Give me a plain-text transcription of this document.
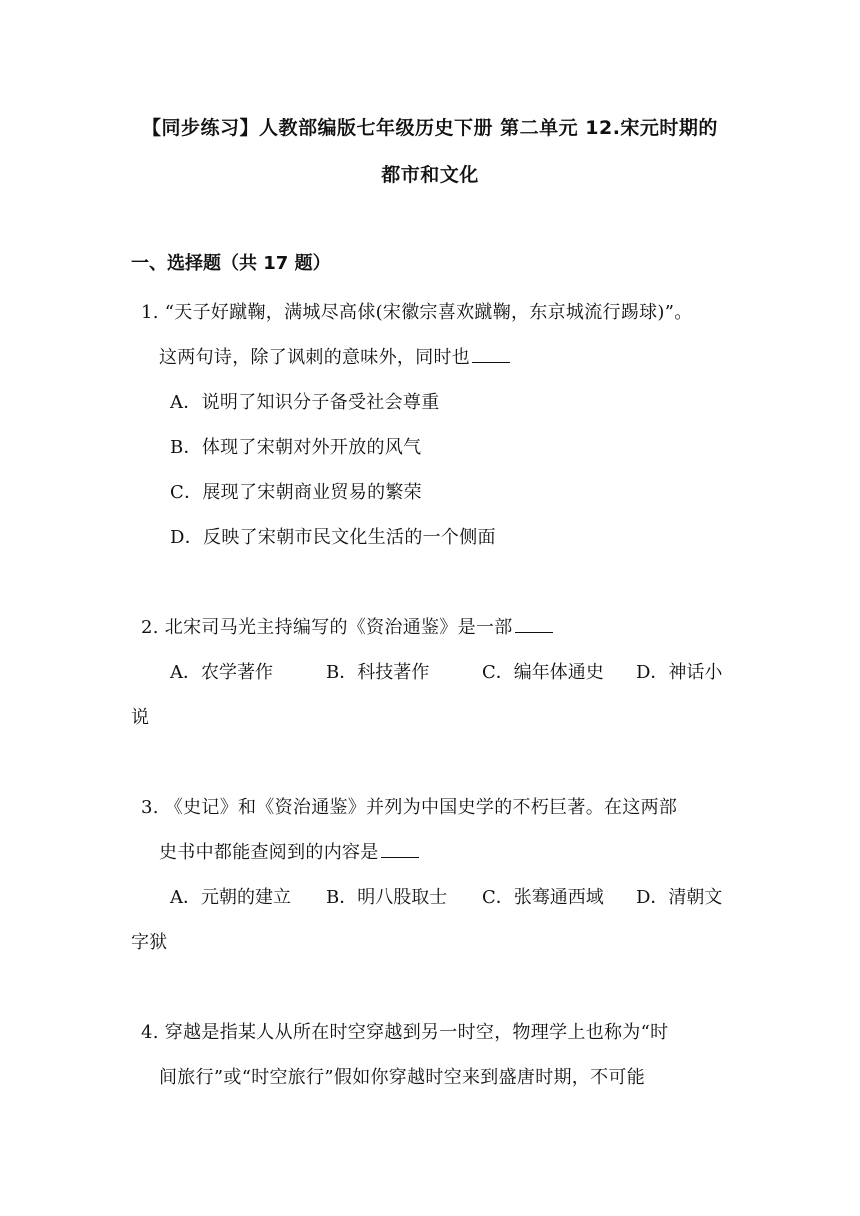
【同步练习】人教部编版七年级历史下册 第二单元 12.宋元时期的
都市和文化
一、选择题（共 17 题）
1. “天子好蹴鞠，满城尽高俅(宋徽宗喜欢蹴鞠，东京城流行踢球)”。
这两句诗，除了讽刺的意味外，同时也
A．说明了知识分子备受社会尊重
B．体现了宋朝对外开放的风气
C．展现了宋朝商业贸易的繁荣
D．反映了宋朝市民文化生活的一个侧面
2. 北宋司马光主持编写的《资治通鉴》是一部
A．农学著作	B．科技著作	C．编年体通史 D．神话小
说
3. 《史记》和《资治通鉴》并列为中国史学的不朽巨著。在这两部
史书中都能查阅到的内容是
A．元朝的建立 B．明八股取士 C．张骞通西域 D．清朝文
字狱
4. 穿越是指某人从所在时空穿越到另一时空，物理学上也称为“时
间旅行”或“时空旅行”假如你穿越时空来到盛唐时期，不可能
